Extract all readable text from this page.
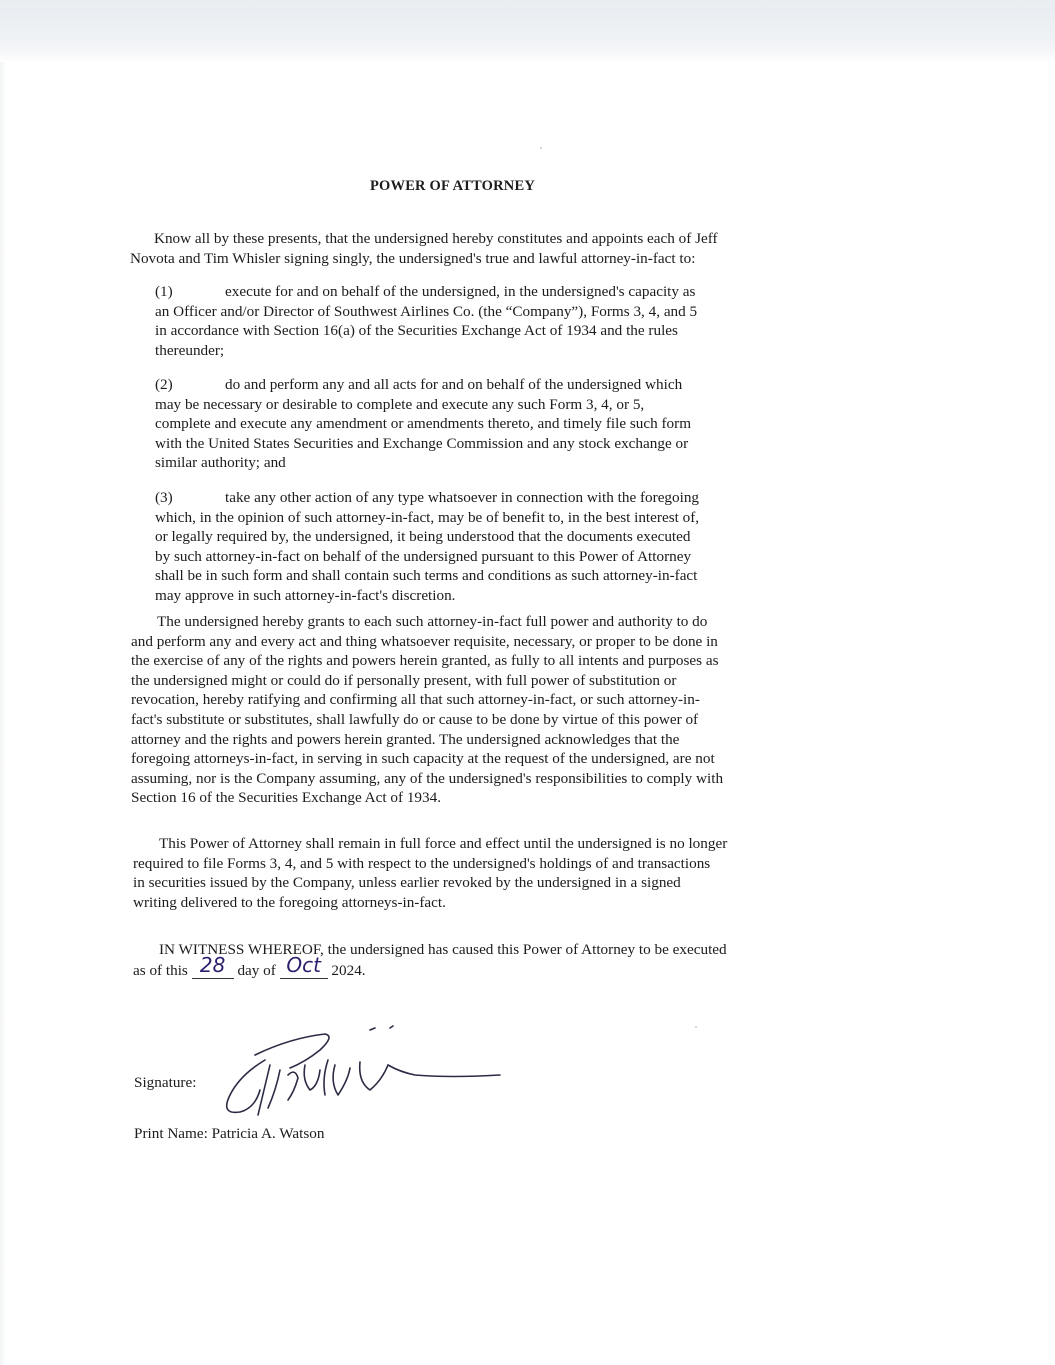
POWER OF ATTORNEY
Know all by these presents, that the undersigned hereby constitutes and appoints each of Jeff
Novota and Tim Whisler signing singly, the undersigned's true and lawful attorney-in-fact to:
(1)	execute for and on behalf of the undersigned, in the undersigned's capacity as
an Officer and/or Director of Southwest Airlines Co. (the “Company”), Forms 3, 4, and 5
in accordance with Section 16(a) of the Securities Exchange Act of 1934 and the rules
thereunder;
(2)	do and perform any and all acts for and on behalf of the undersigned which
may be necessary or desirable to complete and execute any such Form 3, 4, or 5,
complete and execute any amendment or amendments thereto, and timely file such form
with the United States Securities and Exchange Commission and any stock exchange or
similar authority; and
(3)	take any other action of any type whatsoever in connection with the foregoing
which, in the opinion of such attorney-in-fact, may be of benefit to, in the best interest of,
or legally required by, the undersigned, it being understood that the documents executed
by such attorney-in-fact on behalf of the undersigned pursuant to this Power of Attorney
shall be in such form and shall contain such terms and conditions as such attorney-in-fact
may approve in such attorney-in-fact's discretion.
The undersigned hereby grants to each such attorney-in-fact full power and authority to do
and perform any and every act and thing whatsoever requisite, necessary, or proper to be done in
the exercise of any of the rights and powers herein granted, as fully to all intents and purposes as
the undersigned might or could do if personally present, with full power of substitution or
revocation, hereby ratifying and confirming all that such attorney-in-fact, or such attorney-in-
fact's substitute or substitutes, shall lawfully do or cause to be done by virtue of this power of
attorney and the rights and powers herein granted. The undersigned acknowledges that the
foregoing attorneys-in-fact, in serving in such capacity at the request of the undersigned, are not
assuming, nor is the Company assuming, any of the undersigned's responsibilities to comply with
Section 16 of the Securities Exchange Act of 1934.
This Power of Attorney shall remain in full force and effect until the undersigned is no longer
required to file Forms 3, 4, and 5 with respect to the undersigned's holdings of and transactions
in securities issued by the Company, unless earlier revoked by the undersigned in a signed
writing delivered to the foregoing attorneys-in-fact.
IN WITNESS WHEREOF, the undersigned has caused this Power of Attorney to be executed
as of this 28 day of Oct 2024.
Signature:
Print Name: Patricia A. Watson
